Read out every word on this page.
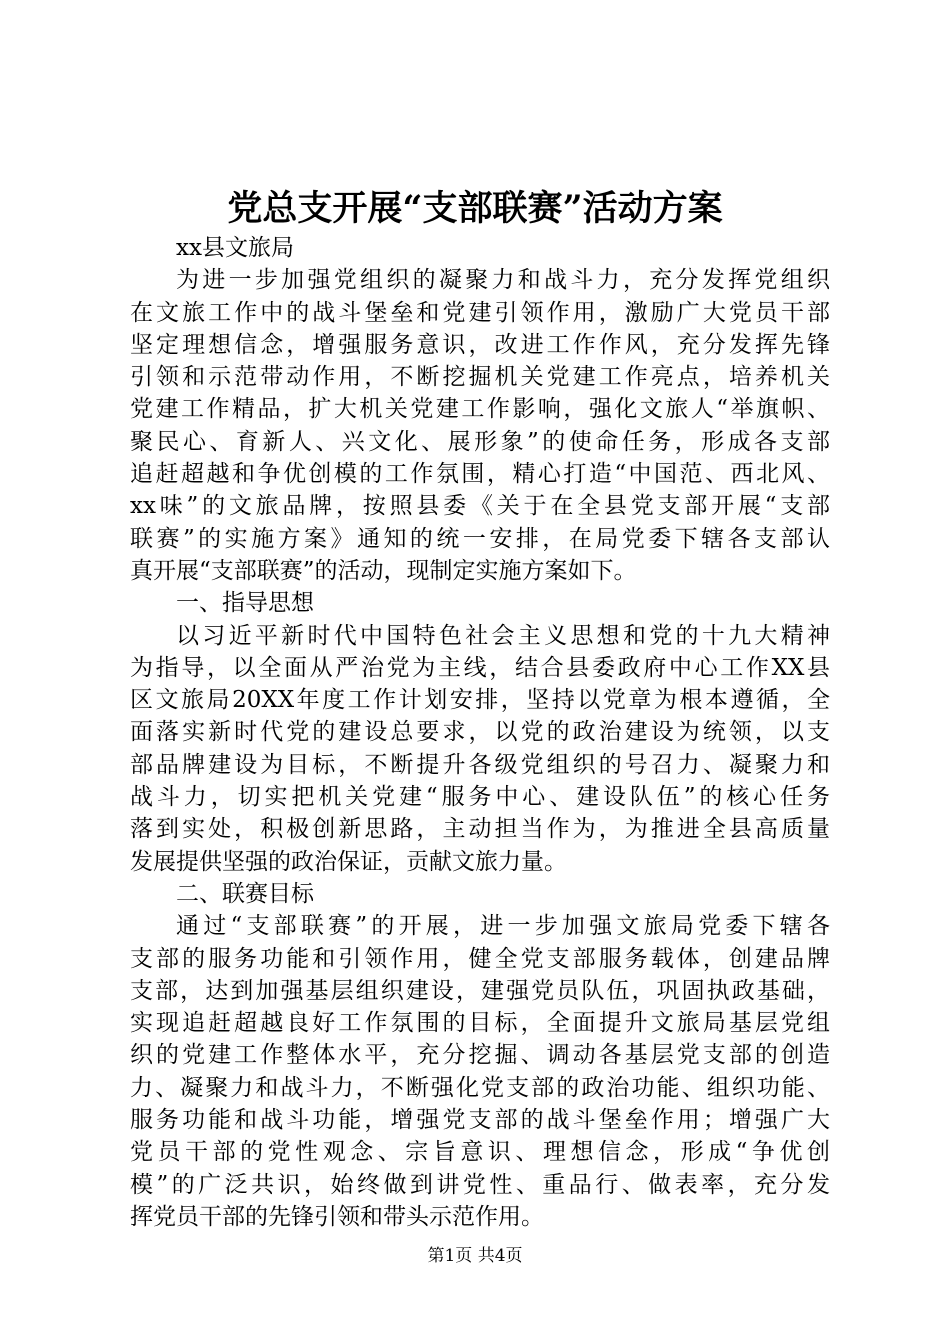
党总支开展“支部联赛”活动方案
xx县文旅局
为进一步加强党组织的凝聚力和战斗力，充分发挥党组织
在文旅工作中的战斗堡垒和党建引领作用，激励广大党员干部
坚定理想信念，增强服务意识，改进工作作风，充分发挥先锋
引领和示范带动作用，不断挖掘机关党建工作亮点，培养机关
党建工作精品，扩大机关党建工作影响，强化文旅人“举旗帜、
聚民心、育新人、兴文化、展形象”的使命任务，形成各支部
追赶超越和争优创模的工作氛围，精心打造“中国范、西北风、
xx味”的文旅品牌，按照县委《关于在全县党支部开展“支部
联赛”的实施方案》通知的统一安排，在局党委下辖各支部认
真开展“支部联赛”的活动，现制定实施方案如下。
一、指导思想
以习近平新时代中国特色社会主义思想和党的十九大精神
为指导，以全面从严治党为主线，结合县委政府中心工作XX县
区文旅局20XX年度工作计划安排，坚持以党章为根本遵循，全
面落实新时代党的建设总要求，以党的政治建设为统领，以支
部品牌建设为目标，不断提升各级党组织的号召力、凝聚力和
战斗力，切实把机关党建“服务中心、建设队伍”的核心任务
落到实处，积极创新思路，主动担当作为，为推进全县高质量
发展提供坚强的政治保证，贡献文旅力量。
二、联赛目标
通过“支部联赛”的开展，进一步加强文旅局党委下辖各
支部的服务功能和引领作用，健全党支部服务载体，创建品牌
支部，达到加强基层组织建设，建强党员队伍，巩固执政基础，
实现追赶超越良好工作氛围的目标，全面提升文旅局基层党组
织的党建工作整体水平，充分挖掘、调动各基层党支部的创造
力、凝聚力和战斗力，不断强化党支部的政治功能、组织功能、
服务功能和战斗功能，增强党支部的战斗堡垒作用；增强广大
党员干部的党性观念、宗旨意识、理想信念，形成“争优创
模”的广泛共识，始终做到讲党性、重品行、做表率，充分发
挥党员干部的先锋引领和带头示范作用。
第1页 共4页
